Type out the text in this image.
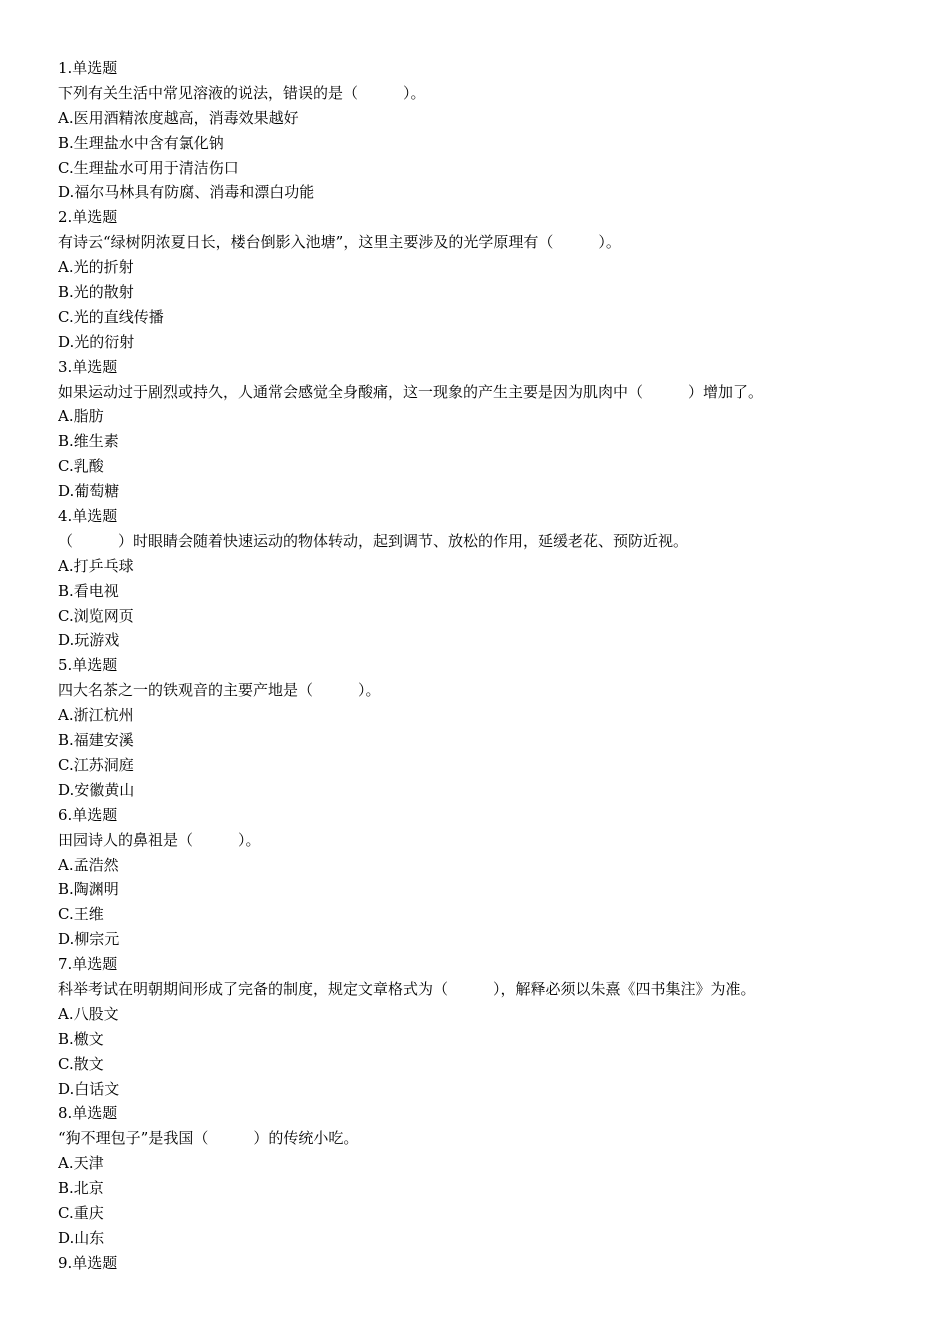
1.单选题
下列有关生活中常见溶液的说法，错误的是（　　　）。
A.医用酒精浓度越高，消毒效果越好
B.生理盐水中含有氯化钠
C.生理盐水可用于清洁伤口
D.福尔马林具有防腐、消毒和漂白功能
2.单选题
有诗云“绿树阴浓夏日长，楼台倒影入池塘”，这里主要涉及的光学原理有（　　　）。
A.光的折射
B.光的散射
C.光的直线传播
D.光的衍射
3.单选题
如果运动过于剧烈或持久，人通常会感觉全身酸痛，这一现象的产生主要是因为肌肉中（　　　）增加了。
A.脂肪
B.维生素
C.乳酸
D.葡萄糖
4.单选题
（　　　）时眼睛会随着快速运动的物体转动，起到调节、放松的作用，延缓老花、预防近视。
A.打乒乓球
B.看电视
C.浏览网页
D.玩游戏
5.单选题
四大名茶之一的铁观音的主要产地是（　　　）。
A.浙江杭州
B.福建安溪
C.江苏洞庭
D.安徽黄山
6.单选题
田园诗人的鼻祖是（　　　）。
A.孟浩然
B.陶渊明
C.王维
D.柳宗元
7.单选题
科举考试在明朝期间形成了完备的制度，规定文章格式为（　　　），解释必须以朱熹《四书集注》为准。
A.八股文
B.檄文
C.散文
D.白话文
8.单选题
“狗不理包子”是我国（　　　）的传统小吃。
A.天津
B.北京
C.重庆
D.山东
9.单选题
